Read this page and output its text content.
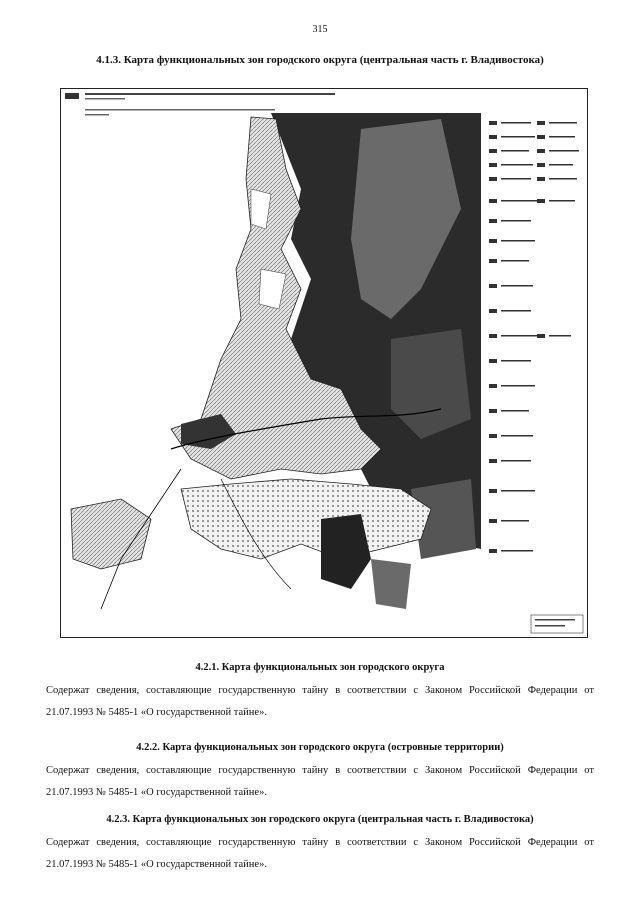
315
4.1.3. Карта функциональных зон городского округа (центральная часть г. Владивостока)
4.2.1. Карта функциональных зон городского округа

Содержат сведения, составляющие государственную тайну в соответствии с Законом Российской Федерации от 21.07.1993 № 5485-1 «О государственной тайне».

4.2.2. Карта функциональных зон городского округа (островные территории)

Содержат сведения, составляющие государственную тайну в соответствии с Законом Российской Федерации от 21.07.1993 № 5485-1 «О государственной тайне».

4.2.3. Карта функциональных зон городского округа (центральная часть г. Владивостока)

Содержат сведения, составляющие государственную тайну в соответствии с Законом Российской Федерации от 21.07.1993 № 5485-1 «О государственной тайне».
